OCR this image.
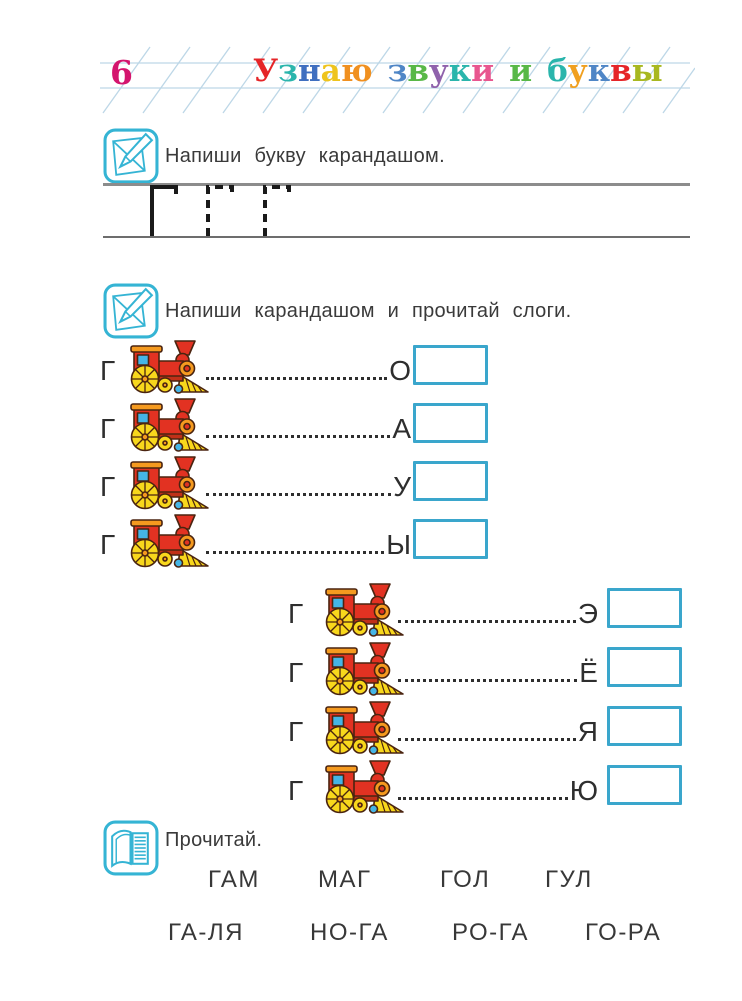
6	У з н а ю з в у к и и б у к в ы
Напиши букву карандашом.
Напиши карандашом и прочитай слоги.
Г	О
Г	А
Г	У
Г	Ы
Г	Э
Г	Ё
Г	Я
Г	Ю
Прочитай.
ГАМ МАГ	ГОЛ ГУЛ
ГА-ЛЯ	НО-ГА	РО-ГА ГО-РА
